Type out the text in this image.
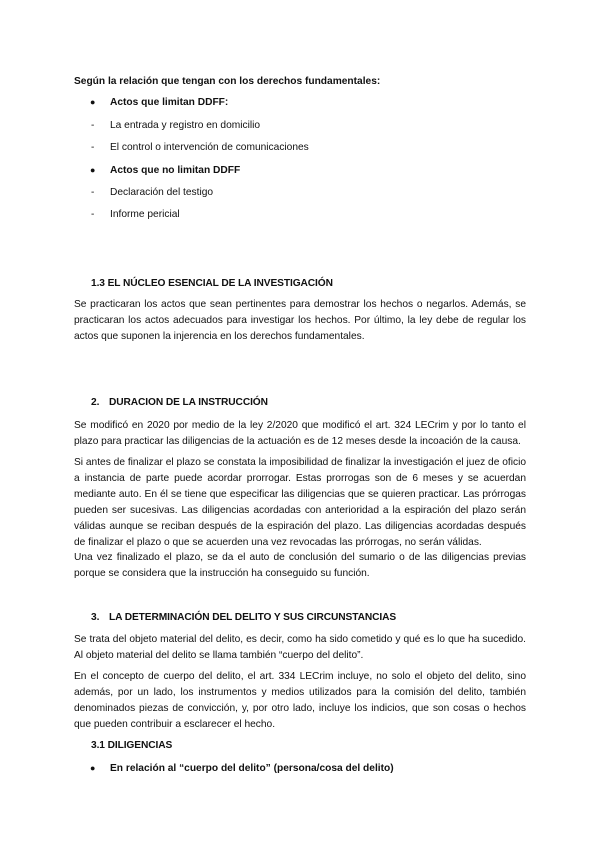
Según la relación que tengan con los derechos fundamentales:
● Actos que limitan DDFF:
- La entrada y registro en domicilio
- El control o intervención de comunicaciones
● Actos que no limitan DDFF
- Declaración del testigo
- Informe pericial
1.3 EL NÚCLEO ESENCIAL DE LA INVESTIGACIÓN
Se practicaran los actos que sean pertinentes para demostrar los hechos o negarlos. Además, se practicaran los actos adecuados para investigar los hechos. Por último, la ley debe de regular los actos que suponen la injerencia en los derechos fundamentales.
2. DURACION DE LA INSTRUCCIÓN
Se modificó en 2020 por medio de la ley 2/2020 que modificó el art. 324 LECrim y por lo tanto el plazo para practicar las diligencias de la actuación es de 12 meses desde la incoación de la causa.
Si antes de finalizar el plazo se constata la imposibilidad de finalizar la investigación el juez de oficio a instancia de parte puede acordar prorrogar. Estas prorrogas son de 6 meses y se acuerdan mediante auto. En él se tiene que especificar las diligencias que se quieren practicar. Las prórrogas pueden ser sucesivas. Las diligencias acordadas con anterioridad a la espiración del plazo serán válidas aunque se reciban después de la espiración del plazo. Las diligencias acordadas después de finalizar el plazo o que se acuerden una vez revocadas las prórrogas, no serán válidas.
Una vez finalizado el plazo, se da el auto de conclusión del sumario o de las diligencias previas porque se considera que la instrucción ha conseguido su función.
3. LA DETERMINACIÓN DEL DELITO Y SUS CIRCUNSTANCIAS
Se trata del objeto material del delito, es decir, como ha sido cometido y qué es lo que ha sucedido. Al objeto material del delito se llama también “cuerpo del delito”.
En el concepto de cuerpo del delito, el art. 334 LECrim incluye, no solo el objeto del delito, sino además, por un lado, los instrumentos y medios utilizados para la comisión del delito, también denominados piezas de convicción, y, por otro lado, incluye los indicios, que son cosas o hechos que pueden contribuir a esclarecer el hecho.
3.1 DILIGENCIAS
● En relación al “cuerpo del delito” (persona/cosa del delito)
